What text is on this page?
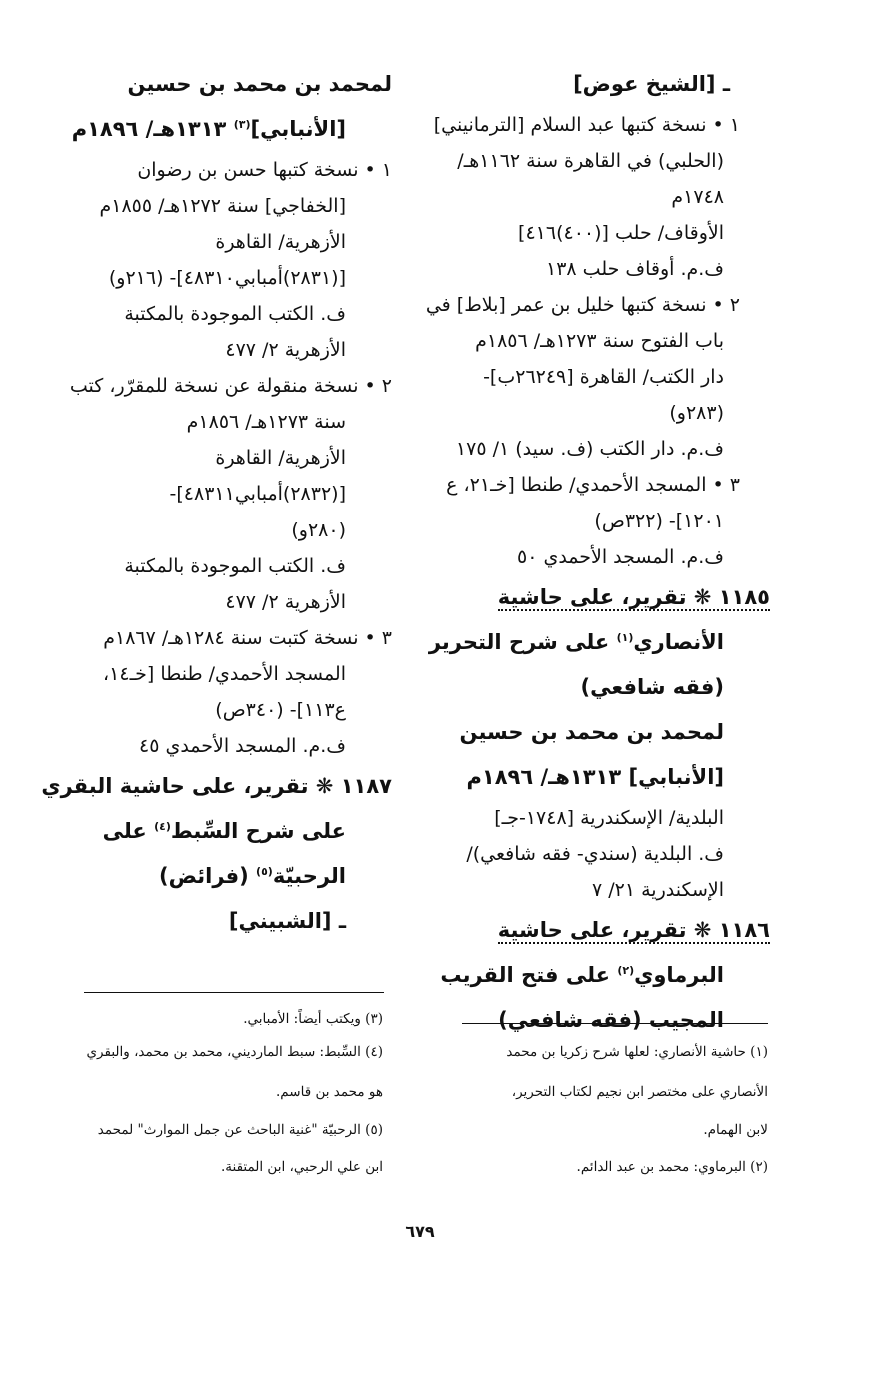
ـ [الشيخ عوض]
١ • نسخة كتبها عبد السلام [الترمانيني]
(الحلبي) في القاهرة سنة ١١٦٢هـ/
١٧٤٨م
الأوقاف/ حلب [(٤٠٠)٤١٦]
ف.م. أوقاف حلب ١٣٨
٢ • نسخة كتبها خليل بن عمر [بلاط] في
باب الفتوح سنة ١٢٧٣هـ/ ١٨٥٦م
دار الكتب/ القاهرة [٢٦٢٤٩ب]-
(٢٨٣و)
ف.م. دار الكتب (ف. سيد) ١/ ١٧٥
٣ • المسجد الأحمدي/ طنطا [خـ٢١، ع
١٢٠١]- (٣٢٢ص)
ف.م. المسجد الأحمدي ٥٠
١١٨٥ ❋ تقرير، على حاشية
الأنصاري$^{(١)}$ على شرح التحرير
(فقه شافعي)
لمحمد بن محمد بن حسين
[الأنبابي] ١٣١٣هـ/ ١٨٩٦م
البلدية/ الإسكندرية [١٧٤٨-جـ]
ف. البلدية (سندي- فقه شافعي)/
الإسكندرية ٢١/ ٧
١١٨٦ ❋ تقرير، على حاشية
البرماوي$^{(٢)}$ على فتح القريب
المجيب (فقه شافعي)
لمحمد بن محمد بن حسين
[الأنبابي]$^{(٣)}$ ١٣١٣هـ/ ١٨٩٦م
١ • نسخة كتبها حسن بن رضوان
[الخفاجي] سنة ١٢٧٢هـ/ ١٨٥٥م
الأزهرية/ القاهرة
[(٢٨٣١)أمبابي٤٨٣١٠]- (٢١٦و)
ف. الكتب الموجودة بالمكتبة
الأزهرية ٢/ ٤٧٧
٢ • نسخة منقولة عن نسخة للمقرّر، كتب
سنة ١٢٧٣هـ/ ١٨٥٦م
الأزهرية/ القاهرة
[(٢٨٣٢)أمبابي٤٨٣١١]-
(٢٨٠و)
ف. الكتب الموجودة بالمكتبة
الأزهرية ٢/ ٤٧٧
٣ • نسخة كتبت سنة ١٢٨٤هـ/ ١٨٦٧م
المسجد الأحمدي/ طنطا [خـ١٤،
ع١١٣]- (٣٤٠ص)
ف.م. المسجد الأحمدي ٤٥
١١٨٧ ❋ تقرير، على حاشية البقري
على شرح السِّبط$^{(٤)}$ على
الرحبيّة$^{(٥)}$ (فرائض)
ـ [الشبيني]
(٣) ويكتب أيضاً: الأمبابي.
(٤) السِّبط: سبط المارديني، محمد بن محمد، والبقري
هو محمد بن قاسم.
(٥) الرحبيّة "غنية الباحث عن جمل الموارث" لمحمد
ابن علي الرحبي، ابن المتقنة.
(١) حاشية الأنصاري: لعلها شرح زكريا بن محمد
الأنصاري على مختصر ابن نجيم لكتاب التحرير،
لابن الهمام.
(٢) البرماوي: محمد بن عبد الدائم.
٦٧٩
